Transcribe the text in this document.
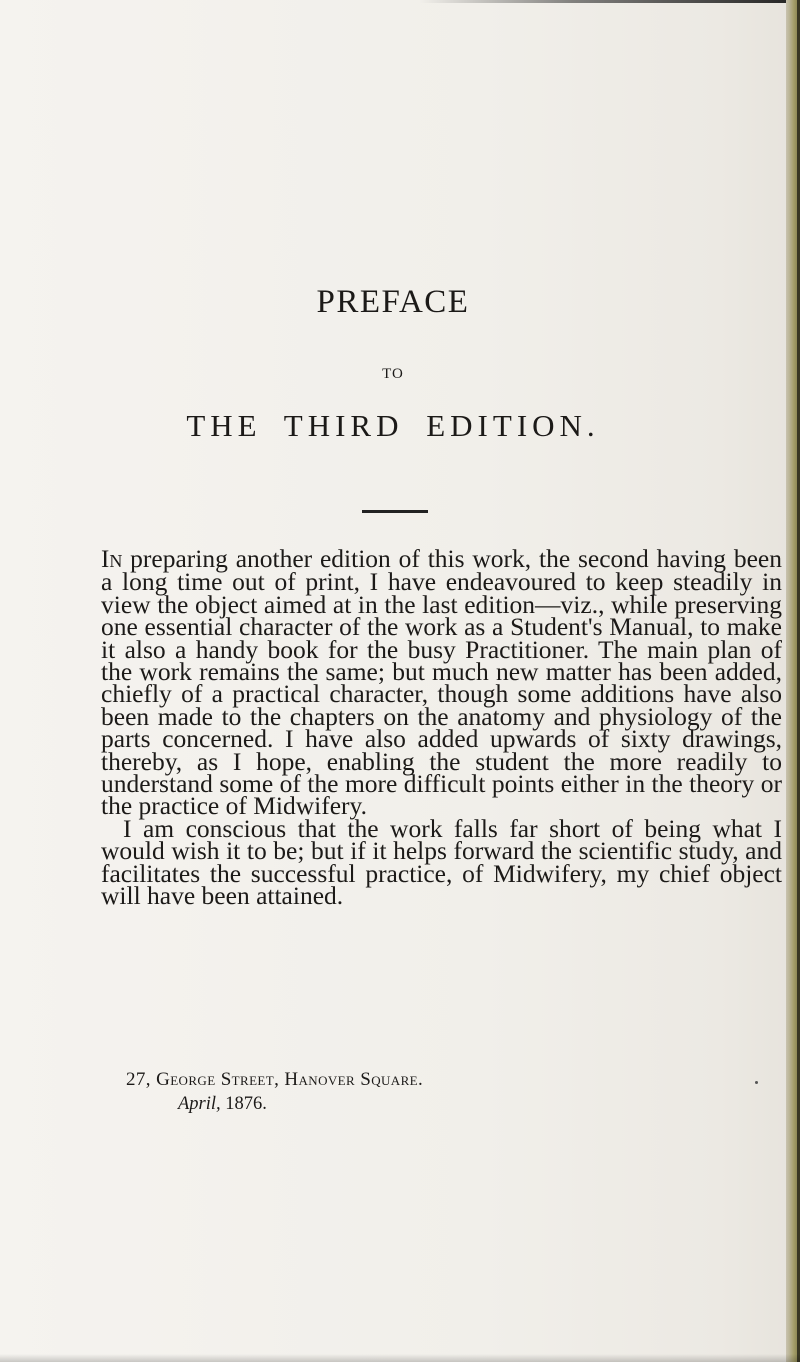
PREFACE
TO
THE THIRD EDITION.

In preparing another edition of this work, the second having been a long time out of print, I have endeavoured to keep steadily in view the object aimed at in the last edition—viz., while preserving one essential character of the work as a Student's Manual, to make it also a handy book for the busy Practitioner. The main plan of the work remains the same; but much new matter has been added, chiefly of a practical character, though some additions have also been made to the chapters on the anatomy and physiology of the parts concerned. I have also added upwards of sixty drawings, thereby, as I hope, enabling the student the more readily to understand some of the more difficult points either in the theory or the practice of Midwifery.

I am conscious that the work falls far short of being what I would wish it to be; but if it helps forward the scientific study, and facilitates the successful practice, of Midwifery, my chief object will have been attained.

27, George Street, Hanover Square.
April, 1876.
